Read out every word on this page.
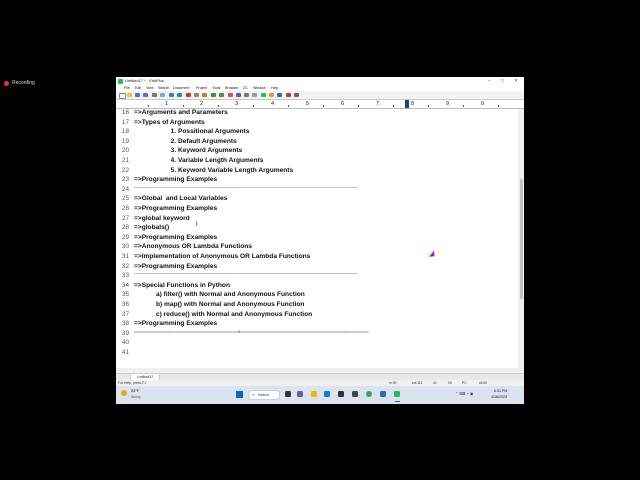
Recording	Untitled17 * - EditPlus	– □ ✕
File Edit View Search Document Project Tools Browser ZC Window Help
1	2	3	4	5	6	7	8	9	0
16 =>Arguments and Parameters
17 =>Types of Arguments
18 1. Possitional Arguments
19 2. Default Arguments
20 3. Keyword Arguments
21 4. Variable Length Arguments
22 5. Keyword Variable Length Arguments
23 =>Programming Examples
24 --------------------------------------------------------------------------------------------------------------------------------------------
25 =>Global  and Local Variables
26 =>Programming Examples
27 =>global keyword
28 =>globals()
29 =>Programming Examples
30 =>Anonymous OR Lambda Functions
31 =>Implementation of Anonymous OR Lambda Functions
32 =>Programming Examples
33 --------------------------------------------------------------------------------------------------------------------------------------------
34 =>Special Functions in Python
35 a) filter() with Normal and Anonymous Function
36 b) map() with Normal and Anonymous Function
37 c) reduce() with Normal and Anonymous Function
38 =>Programming Examples
39 =====================================x==============================================
40
41
I
Untitled17
For Help, press F1	ln 39	col 111	41	00	PC	ANSI
83°F
Sunny	⌕ Search	⌃ ⌨ ◔ ◉	6:31 PM
4/18/2023
